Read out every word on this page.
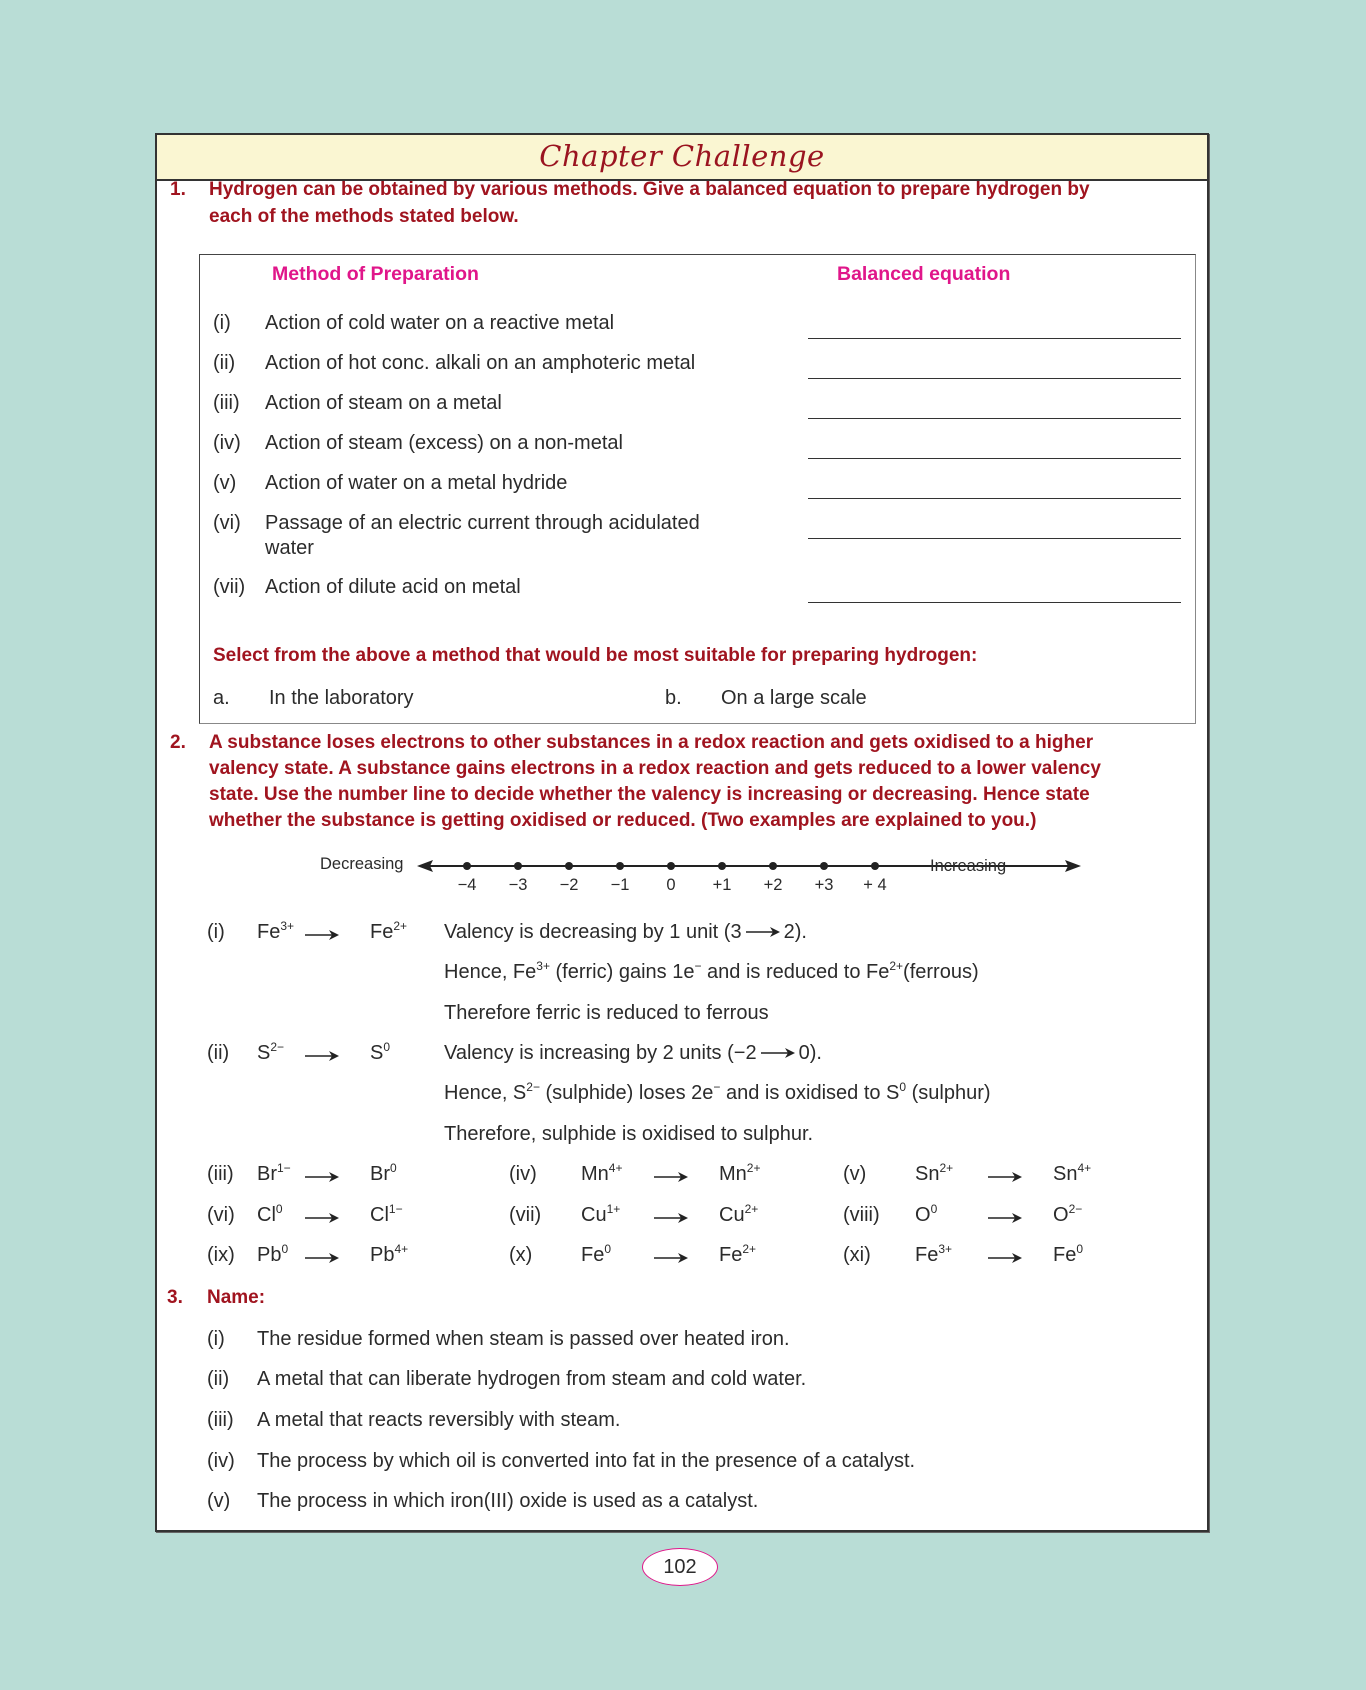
Chapter Challenge
1. Hydrogen can be obtained by various methods. Give a balanced equation to prepare hydrogen by
each of the methods stated below.
Method of Preparation	Balanced equation
(i) Action of cold water on a reactive metal
(ii) Action of hot conc. alkali on an amphoteric metal
(iii) Action of steam on a metal
(iv) Action of steam (excess) on a non-metal
(v) Action of water on a metal hydride
(vi) Passage of an electric current through acidulated
water
(vii) Action of dilute acid on metal
Select from the above a method that would be most suitable for preparing hydrogen:
a. In the laboratory	b. On a large scale
2. A substance loses electrons to other substances in a redox reaction and gets oxidised to a higher
valency state. A substance gains electrons in a redox reaction and gets reduced to a lower valency
state. Use the number line to decide whether the valency is increasing or decreasing. Hence state
whether the substance is getting oxidised or reduced. (Two examples are explained to you.)
Decreasing	Increasing
−4 −3 −2 −1 0 +1 +2 +3 + 4
(i) $Fe^{3+}$	$Fe^{2+}$ Valency is decreasing by 1 unit (3 2).
Hence, $Fe^{3+}$ (ferric) gains 1e− and is reduced to $Fe^{2+}(ferrous)$
Therefore ferric is reduced to ferrous
(ii) $S^{2-}$	$S^0$	Valency is increasing by 2 units (−2 0).
Hence, $S^{2-}$ (sulphide) loses 2e− and is oxidised to $S^0$ (sulphur)
Therefore, sulphide is oxidised to sulphur.
(iii) $Br^{1-}$	Br$^0$	(iv) $Mn^{4+}$	$Mn^{2+}$	(v) $Sn^{2+}$	$Sn^{4+}$
(vi) Cl$^0$	$Cl^{1-}$	(vii) $Cu^{1+}$	$Cu^{2+}$	(viii) $O^0$	$O^{2-}$
(ix) Pb$^0$	$Pb^{4+}$	(x) Fe$^0$	$Fe^{2+}$	(xi) $Fe^{3+}$	Fe$^0$
3. Name:
(i) The residue formed when steam is passed over heated iron.
(ii) A metal that can liberate hydrogen from steam and cold water.
(iii) A metal that reacts reversibly with steam.
(iv) The process by which oil is converted into fat in the presence of a catalyst.
(v) The process in which iron(III) oxide is used as a catalyst.
102
